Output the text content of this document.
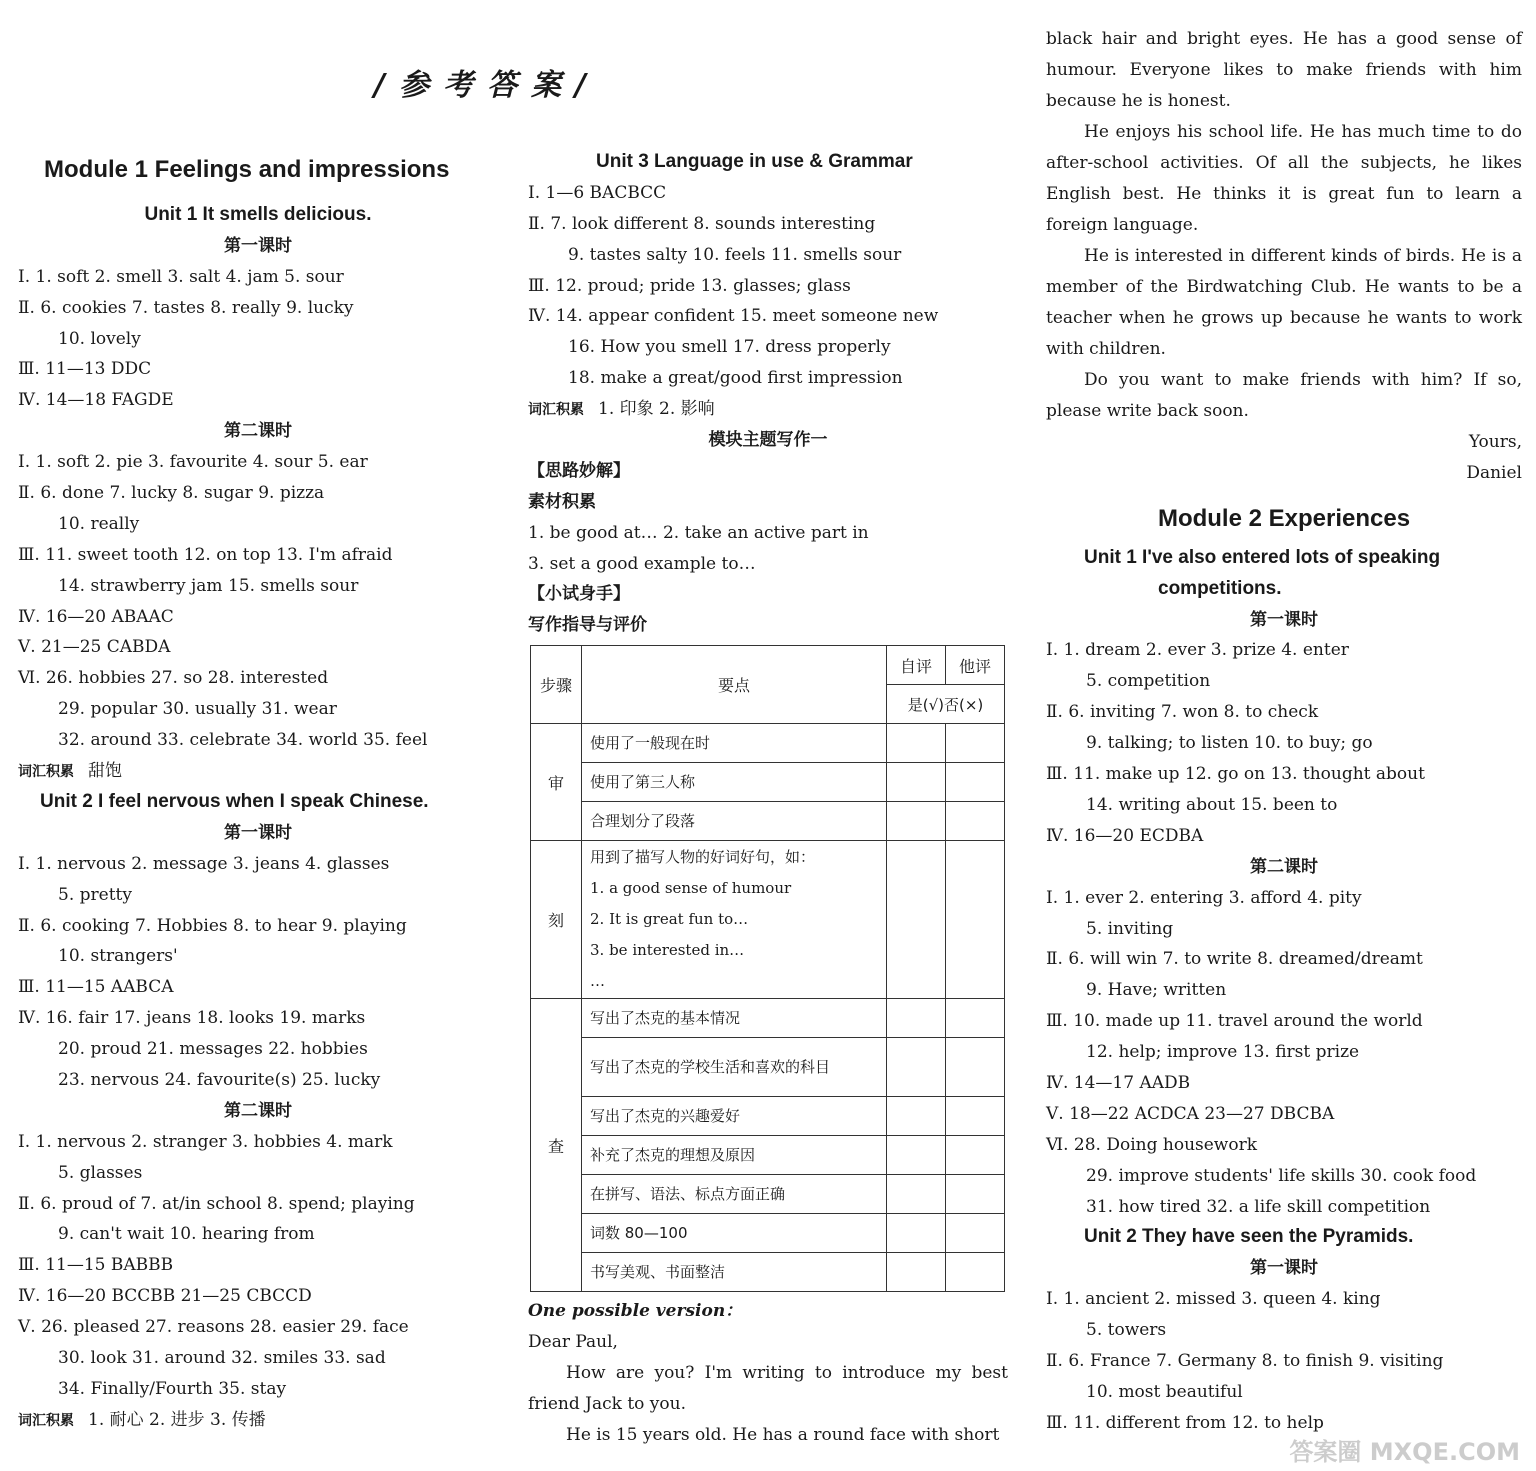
/参考答案/
Module 1 Feelings and impressions
Unit 1 It smells delicious.
第一课时
Ⅰ. 1. soft 2. smell 3. salt 4. jam 5. sour
Ⅱ. 6. cookies 7. tastes 8. really 9. lucky
10. lovely
Ⅲ. 11—13 DDC
Ⅳ. 14—18 FAGDE
第二课时
Ⅰ. 1. soft 2. pie 3. favourite 4. sour 5. ear
Ⅱ. 6. done 7. lucky 8. sugar 9. pizza
10. really
Ⅲ. 11. sweet tooth 12. on top 13. I'm afraid
14. strawberry jam 15. smells sour
Ⅳ. 16—20 ABAAC
Ⅴ. 21—25 CABDA
Ⅵ. 26. hobbies 27. so 28. interested
29. popular 30. usually 31. wear
32. around 33. celebrate 34. world 35. feel
词汇积累 甜饱
Unit 2 I feel nervous when I speak Chinese.
第一课时
Ⅰ. 1. nervous 2. message 3. jeans 4. glasses
5. pretty
Ⅱ. 6. cooking 7. Hobbies 8. to hear 9. playing
10. strangers'
Ⅲ. 11—15 AABCA
Ⅳ. 16. fair 17. jeans 18. looks 19. marks
20. proud 21. messages 22. hobbies
23. nervous 24. favourite(s) 25. lucky
第二课时
Ⅰ. 1. nervous 2. stranger 3. hobbies 4. mark
5. glasses
Ⅱ. 6. proud of 7. at/in school 8. spend; playing
9. can't wait 10. hearing from
Ⅲ. 11—15 BABBB
Ⅳ. 16—20 BCCBB 21—25 CBCCD
Ⅴ. 26. pleased 27. reasons 28. easier 29. face
30. look 31. around 32. smiles 33. sad
34. Finally/Fourth 35. stay
词汇积累 1. 耐心 2. 进步 3. 传播
Unit 3 Language in use & Grammar
Ⅰ. 1—6 BACBCC
Ⅱ. 7. look different 8. sounds interesting
9. tastes salty 10. feels 11. smells sour
Ⅲ. 12. proud; pride 13. glasses; glass
Ⅳ. 14. appear confident 15. meet someone new
16. How you smell 17. dress properly
18. make a great/good first impression
词汇积累 1. 印象 2. 影响
模块主题写作一
【思路妙解】
素材积累
1. be good at… 2. take an active part in
3. set a good example to…
【小试身手】
写作指导与评价
步骤	要点	自评	他评
		是(√)否(×)	
审	使用了一般现在时		
	使用了第三人称		
	合理划分了段落		
刻	用到了描写人物的好词好句，如：
1. a good sense of humour
2. It is great fun to…
3. be interested in…
…		

查	写出了杰克的基本情况		
	写出了杰克的学校生活和喜欢的科目		
	写出了杰克的兴趣爱好		
	补充了杰克的理想及原因		
	在拼写、语法、标点方面正确		
	词数 80—100		
	书写美观、书面整洁		
One possible version：
Dear Paul,
How are you? I'm writing to introduce my best friend Jack to you.
He is 15 years old. He has a round face with short
black hair and bright eyes. He has a good sense of humour. Everyone likes to make friends with him because he is honest.
He enjoys his school life. He has much time to do after-school activities. Of all the subjects, he likes English best. He thinks it is great fun to learn a foreign language.
He is interested in different kinds of birds. He is a member of the Birdwatching Club. He wants to be a teacher when he grows up because he wants to work with children.
Do you want to make friends with him? If so, please write back soon.
Yours,
Daniel
Module 2 Experiences
Unit 1 I've also entered lots of speaking
competitions.
第一课时
Ⅰ. 1. dream 2. ever 3. prize 4. enter
5. competition
Ⅱ. 6. inviting 7. won 8. to check
9. talking; to listen 10. to buy; go
Ⅲ. 11. make up 12. go on 13. thought about
14. writing about 15. been to
Ⅳ. 16—20 ECDBA
第二课时
Ⅰ. 1. ever 2. entering 3. afford 4. pity
5. inviting
Ⅱ. 6. will win 7. to write 8. dreamed/dreamt
9. Have; written
Ⅲ. 10. made up 11. travel around the world
12. help; improve 13. first prize
Ⅳ. 14—17 AADB
Ⅴ. 18—22 ACDCA 23—27 DBCBA
Ⅵ. 28. Doing housework
29. improve students' life skills 30. cook food
31. how tired 32. a life skill competition
Unit 2 They have seen the Pyramids.
第一课时
Ⅰ. 1. ancient 2. missed 3. queen 4. king
5. towers
Ⅱ. 6. France 7. Germany 8. to finish 9. visiting
10. most beautiful
Ⅲ. 11. different from 12. to help
答案圈 MXQE.COM
